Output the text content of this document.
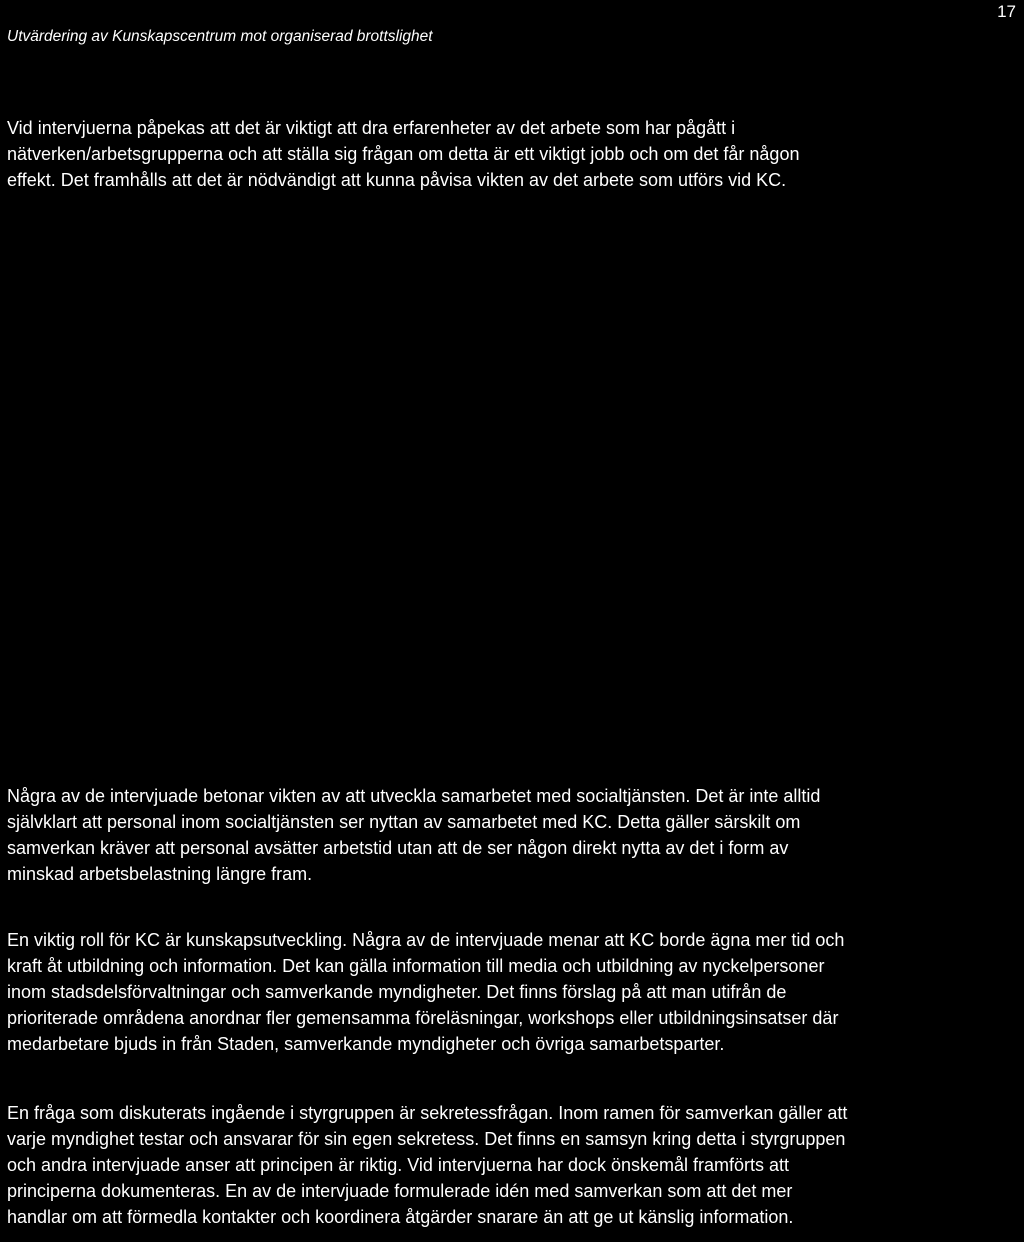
Utvärdering av Kunskapscentrum mot organiserad brottslighet
17
Vid intervjuerna påpekas att det är viktigt att dra erfarenheter av det arbete som har pågått i
nätverken/arbetsgrupperna och att ställa sig frågan om detta är ett viktigt jobb och om det får någon
effekt. Det framhålls att det är nödvändigt att kunna påvisa vikten av det arbete som utförs vid KC.
Några av de intervjuade betonar vikten av att utveckla samarbetet med socialtjänsten. Det är inte alltid
självklart att personal inom socialtjänsten ser nyttan av samarbetet med KC. Detta gäller särskilt om
samverkan kräver att personal avsätter arbetstid utan att de ser någon direkt nytta av det i form av
minskad arbetsbelastning längre fram.
En viktig roll för KC är kunskapsutveckling. Några av de intervjuade menar att KC borde ägna mer tid och
kraft åt utbildning och information. Det kan gälla information till media och utbildning av nyckelpersoner
inom stadsdelsförvaltningar och samverkande myndigheter. Det finns förslag på att man utifrån de
prioriterade områdena anordnar fler gemensamma föreläsningar, workshops eller utbildningsinsatser där
medarbetare bjuds in från Staden, samverkande myndigheter och övriga samarbetsparter.
En fråga som diskuterats ingående i styrgruppen är sekretessfrågan. Inom ramen för samverkan gäller att
varje myndighet testar och ansvarar för sin egen sekretess. Det finns en samsyn kring detta i styrgruppen
och andra intervjuade anser att principen är riktig. Vid intervjuerna har dock önskemål framförts att
principerna dokumenteras. En av de intervjuade formulerade idén med samverkan som att det mer
handlar om att förmedla kontakter och koordinera åtgärder snarare än att ge ut känslig information.
